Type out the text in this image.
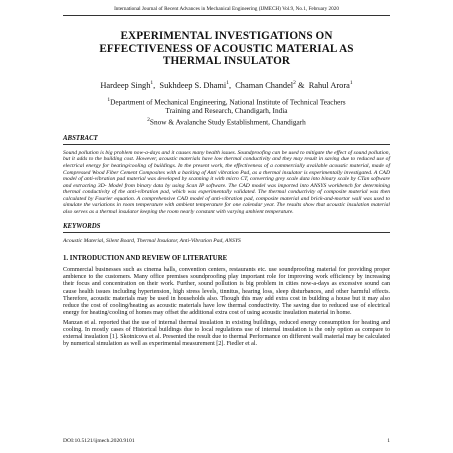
International Journal of Recent Advances in Mechanical Engineering (IJMECH) Vol.9, No.1, February 2020
EXPERIMENTAL INVESTIGATIONS ON
EFFECTIVENESS OF ACOUSTIC MATERIAL AS
THERMAL INSULATOR
Hardeep Singh$^1$,  Sukhdeep S. Dhami$^1$,  Chaman Chandel$^2$ &  Rahul Arora$^1$
$^1$Department of Mechanical Engineering, National Institute of Technical Teachers
Training and Research, Chandigarh, India
$^2$Snow & Avalanche Study Establishment, Chandigarh
ABSTRACT
Sound pollution is big problem now-a-days and it causes many health issues. Soundproofing can be used to mitigate the effect of sound pollution, but it adds to the building cost. However, acoustic materials have low thermal conductivity and they may result in saving due to reduced use of electrical energy for heating/cooling of buildings. In the present work, the effectiveness of a commercially available acoustic material, made of Compressed Wood Fiber Cement Composites with a backing of Anti vibration Pad, as a thermal insulator is experimentally investigated. A CAD model of anti-vibration pad material was developed by scanning it with micro CT, converting grey scale data into binary scale by CTan software and extracting 3D- Model from binary data by using Scan IP software. The CAD model was imported into ANSYS workbench for determining thermal conductivity of the anti-vibration pad, which was experimentally validated. The thermal conductivity of composite material was then calculated by Fourier equation. A comprehensive CAD model of anti-vibration pad, composite material and brick-and-mortar wall was used to simulate the variations in room temperature with ambient temperature for one calendar year. The results show that acoustic insulation material also serves as a thermal insulator keeping the room nearly constant with varying ambient temperature.
KEYWORDS
Acoustic Material, Silent Board, Thermal Insulator, Anti-Vibration Pad, ANSYS
1. INTRODUCTION AND REVIEW OF LITERATURE

Commercial businesses such as cinema halls, convention centers, restaurants etc. use soundproofing material for providing proper ambience to the customers. Many office premises soundproofing play important role for improving work efficiency by increasing their focus and concentration on their work. Further, sound pollution is big problem in cities now-a-days as excessive sound can cause health issues including hypertension, high stress levels, tinnitus, hearing loss, sleep disturbances, and other harmful effects. Therefore, acoustic materials may be used in households also. Though this may add extra cost in building a house but it may also reduce the cost of cooling/heating as acoustic materials have low thermal conductivity. The saving due to reduced use of electrical energy for heating/cooling of homes may offset the additional extra cost of using acoustic insulation material in home.

Manzan et al. reported that the use of internal thermal insulation in existing buildings, reduced energy consumption for heating and cooling. In mostly cases of Historical buildings due to local regulations use of internal insulation is the only option as compare to external insulation [1]. Skotnicova et al. Presented the result due to thermal Performance on different wall material may be calculated by numerical simulation as well as experimental measurement [2]. Fiedler et al.

DOI:10.5121/ijmech.2020.9101	1
